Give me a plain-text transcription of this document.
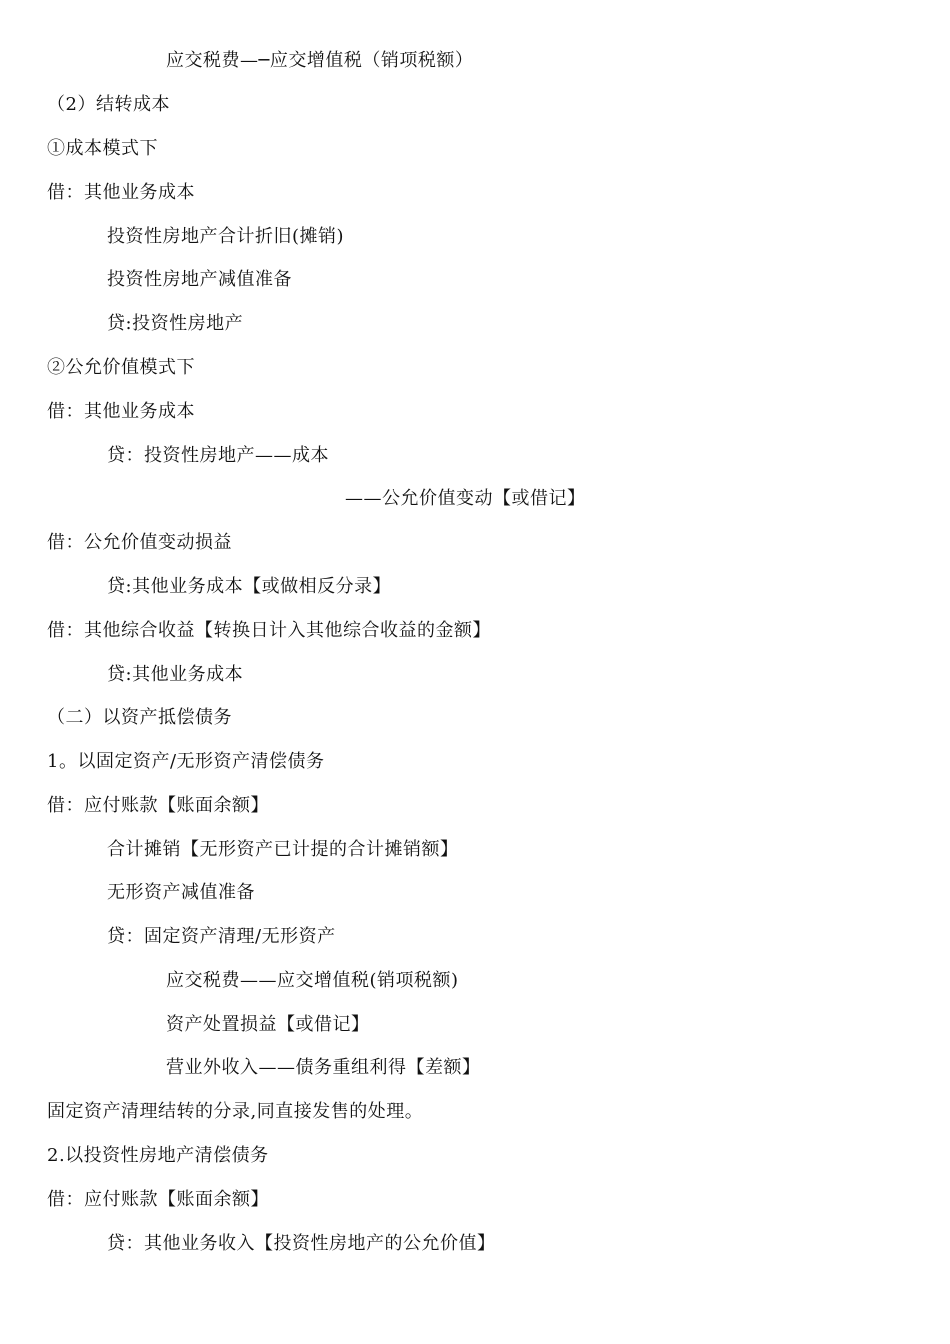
应交税费—─应交增值税（销项税额）
（2）结转成本
①成本模式下
借：其他业务成本
投资性房地产合计折旧(摊销)
投资性房地产减值准备
贷:投资性房地产
②公允价值模式下
借：其他业务成本
贷：投资性房地产——成本
——公允价值变动【或借记】
借：公允价值变动损益
贷:其他业务成本【或做相反分录】
借：其他综合收益【转换日计入其他综合收益的金额】
贷:其他业务成本
（二）以资产抵偿债务
1。以固定资产/无形资产清偿债务
借：应付账款【账面余额】
合计摊销【无形资产已计提的合计摊销额】
无形资产减值准备
贷：固定资产清理/无形资产
应交税费——应交增值税(销项税额)
资产处置损益【或借记】
营业外收入——债务重组利得【差额】
固定资产清理结转的分录,同直接发售的处理。
2.以投资性房地产清偿债务
借：应付账款【账面余额】
贷：其他业务收入【投资性房地产的公允价值】
